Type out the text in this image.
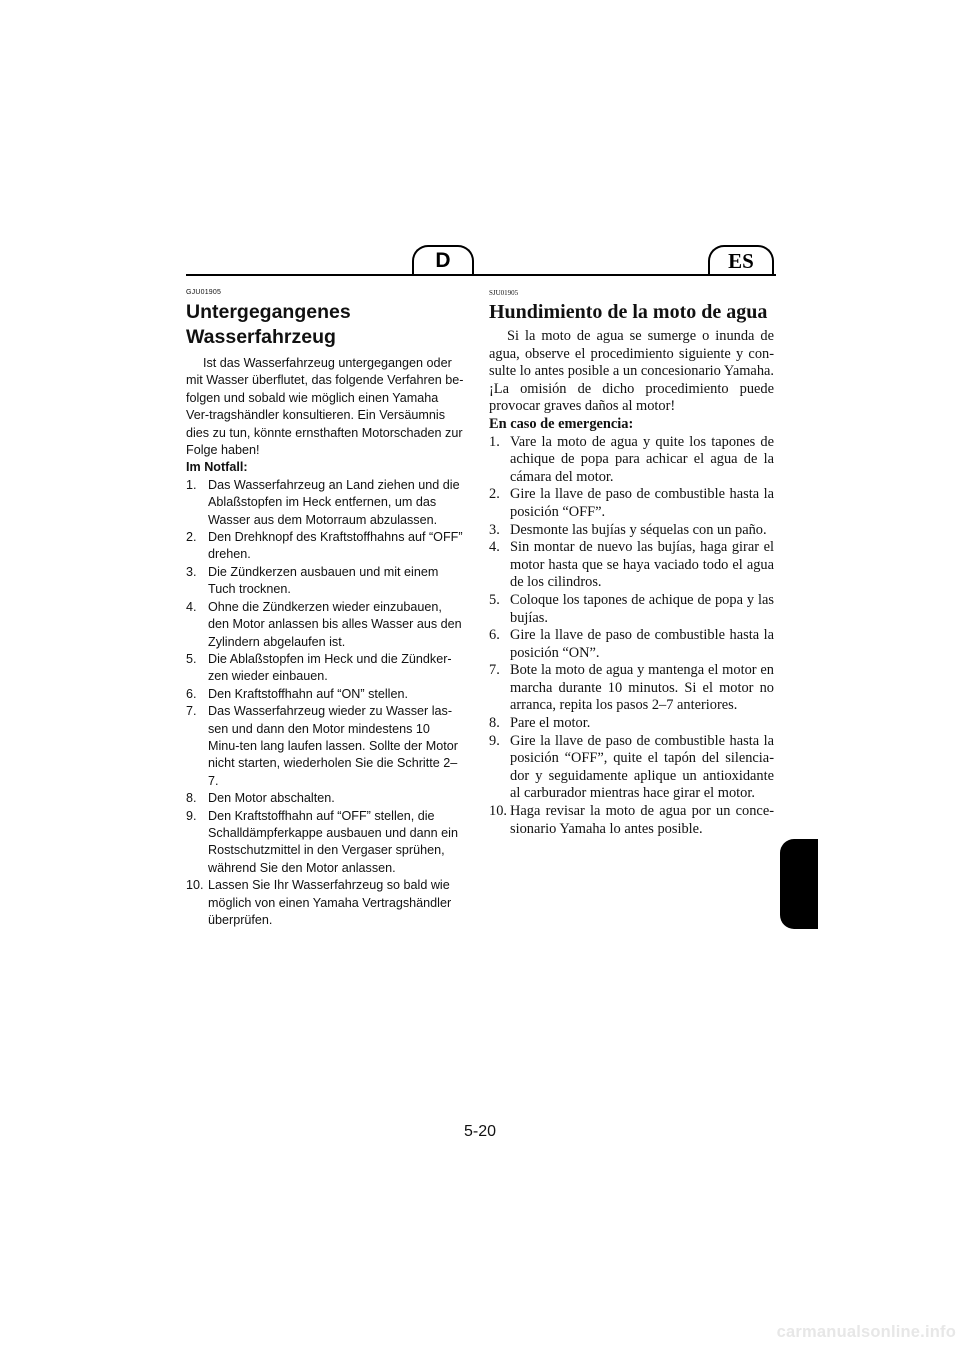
D	ES
GJU01905
Untergegangenes
Wasserfahrzeug

Ist das Wasserfahrzeug untergegangen oder mit Wasser überflutet, das folgende Verfahren be-folgen und sobald wie möglich einen Yamaha Ver-tragshändler konsultieren. Ein Versäumnis dies zu tun, könnte ernsthaften Motorschaden zur Folge haben!

Im Notfall:

1. Das Wasserfahrzeug an Land ziehen und die Ablaßstopfen im Heck entfernen, um das Wasser aus dem Motorraum abzulassen.
2. Den Drehknopf des Kraftstoffhahns auf “OFF” drehen.
3. Die Zündkerzen ausbauen und mit einem Tuch trocknen.
4. Ohne die Zündkerzen wieder einzubauen, den Motor anlassen bis alles Wasser aus den Zylindern abgelaufen ist.
5. Die Ablaßstopfen im Heck und die Zündker-zen wieder einbauen.
6. Den Kraftstoffhahn auf “ON” stellen.
7. Das Wasserfahrzeug wieder zu Wasser las-sen und dann den Motor mindestens 10 Minu-ten lang laufen lassen. Sollte der Motor nicht starten, wiederholen Sie die Schritte 2–7.
8. Den Motor abschalten.
9. Den Kraftstoffhahn auf “OFF” stellen, die Schalldämpferkappe ausbauen und dann ein Rostschutzmittel in den Vergaser sprühen, während Sie den Motor anlassen.
10. Lassen Sie Ihr Wasserfahrzeug so bald wie möglich von einen Yamaha Vertragshändler überprüfen.
SJU01905
Hundimiento de la moto de agua

Si la moto de agua se sumerge o inunda de agua, observe el procedimiento siguiente y con-sulte lo antes posible a un concesionario Yamaha. ¡La omisión de dicho procedimiento puede provocar graves daños al motor!

En caso de emergencia:

1. Vare la moto de agua y quite los tapones de achique de popa para achicar el agua de la cámara del motor.
2. Gire la llave de paso de combustible hasta la posición “OFF”.
3. Desmonte las bujías y séquelas con un paño.
4. Sin montar de nuevo las bujías, haga girar el motor hasta que se haya vaciado todo el agua de los cilindros.
5. Coloque los tapones de achique de popa y las bujías.
6. Gire la llave de paso de combustible hasta la posición “ON”.
7. Bote la moto de agua y mantenga el motor en marcha durante 10 minutos. Si el motor no arranca, repita los pasos 2–7 anteriores.
8. Pare el motor.
9. Gire la llave de paso de combustible hasta la posición “OFF”, quite el tapón del silencia-dor y seguidamente aplique un antioxidante al carburador mientras hace girar el motor.
10. Haga revisar la moto de agua por un conce-sionario Yamaha lo antes posible.
5-20
carmanualsonline.info
